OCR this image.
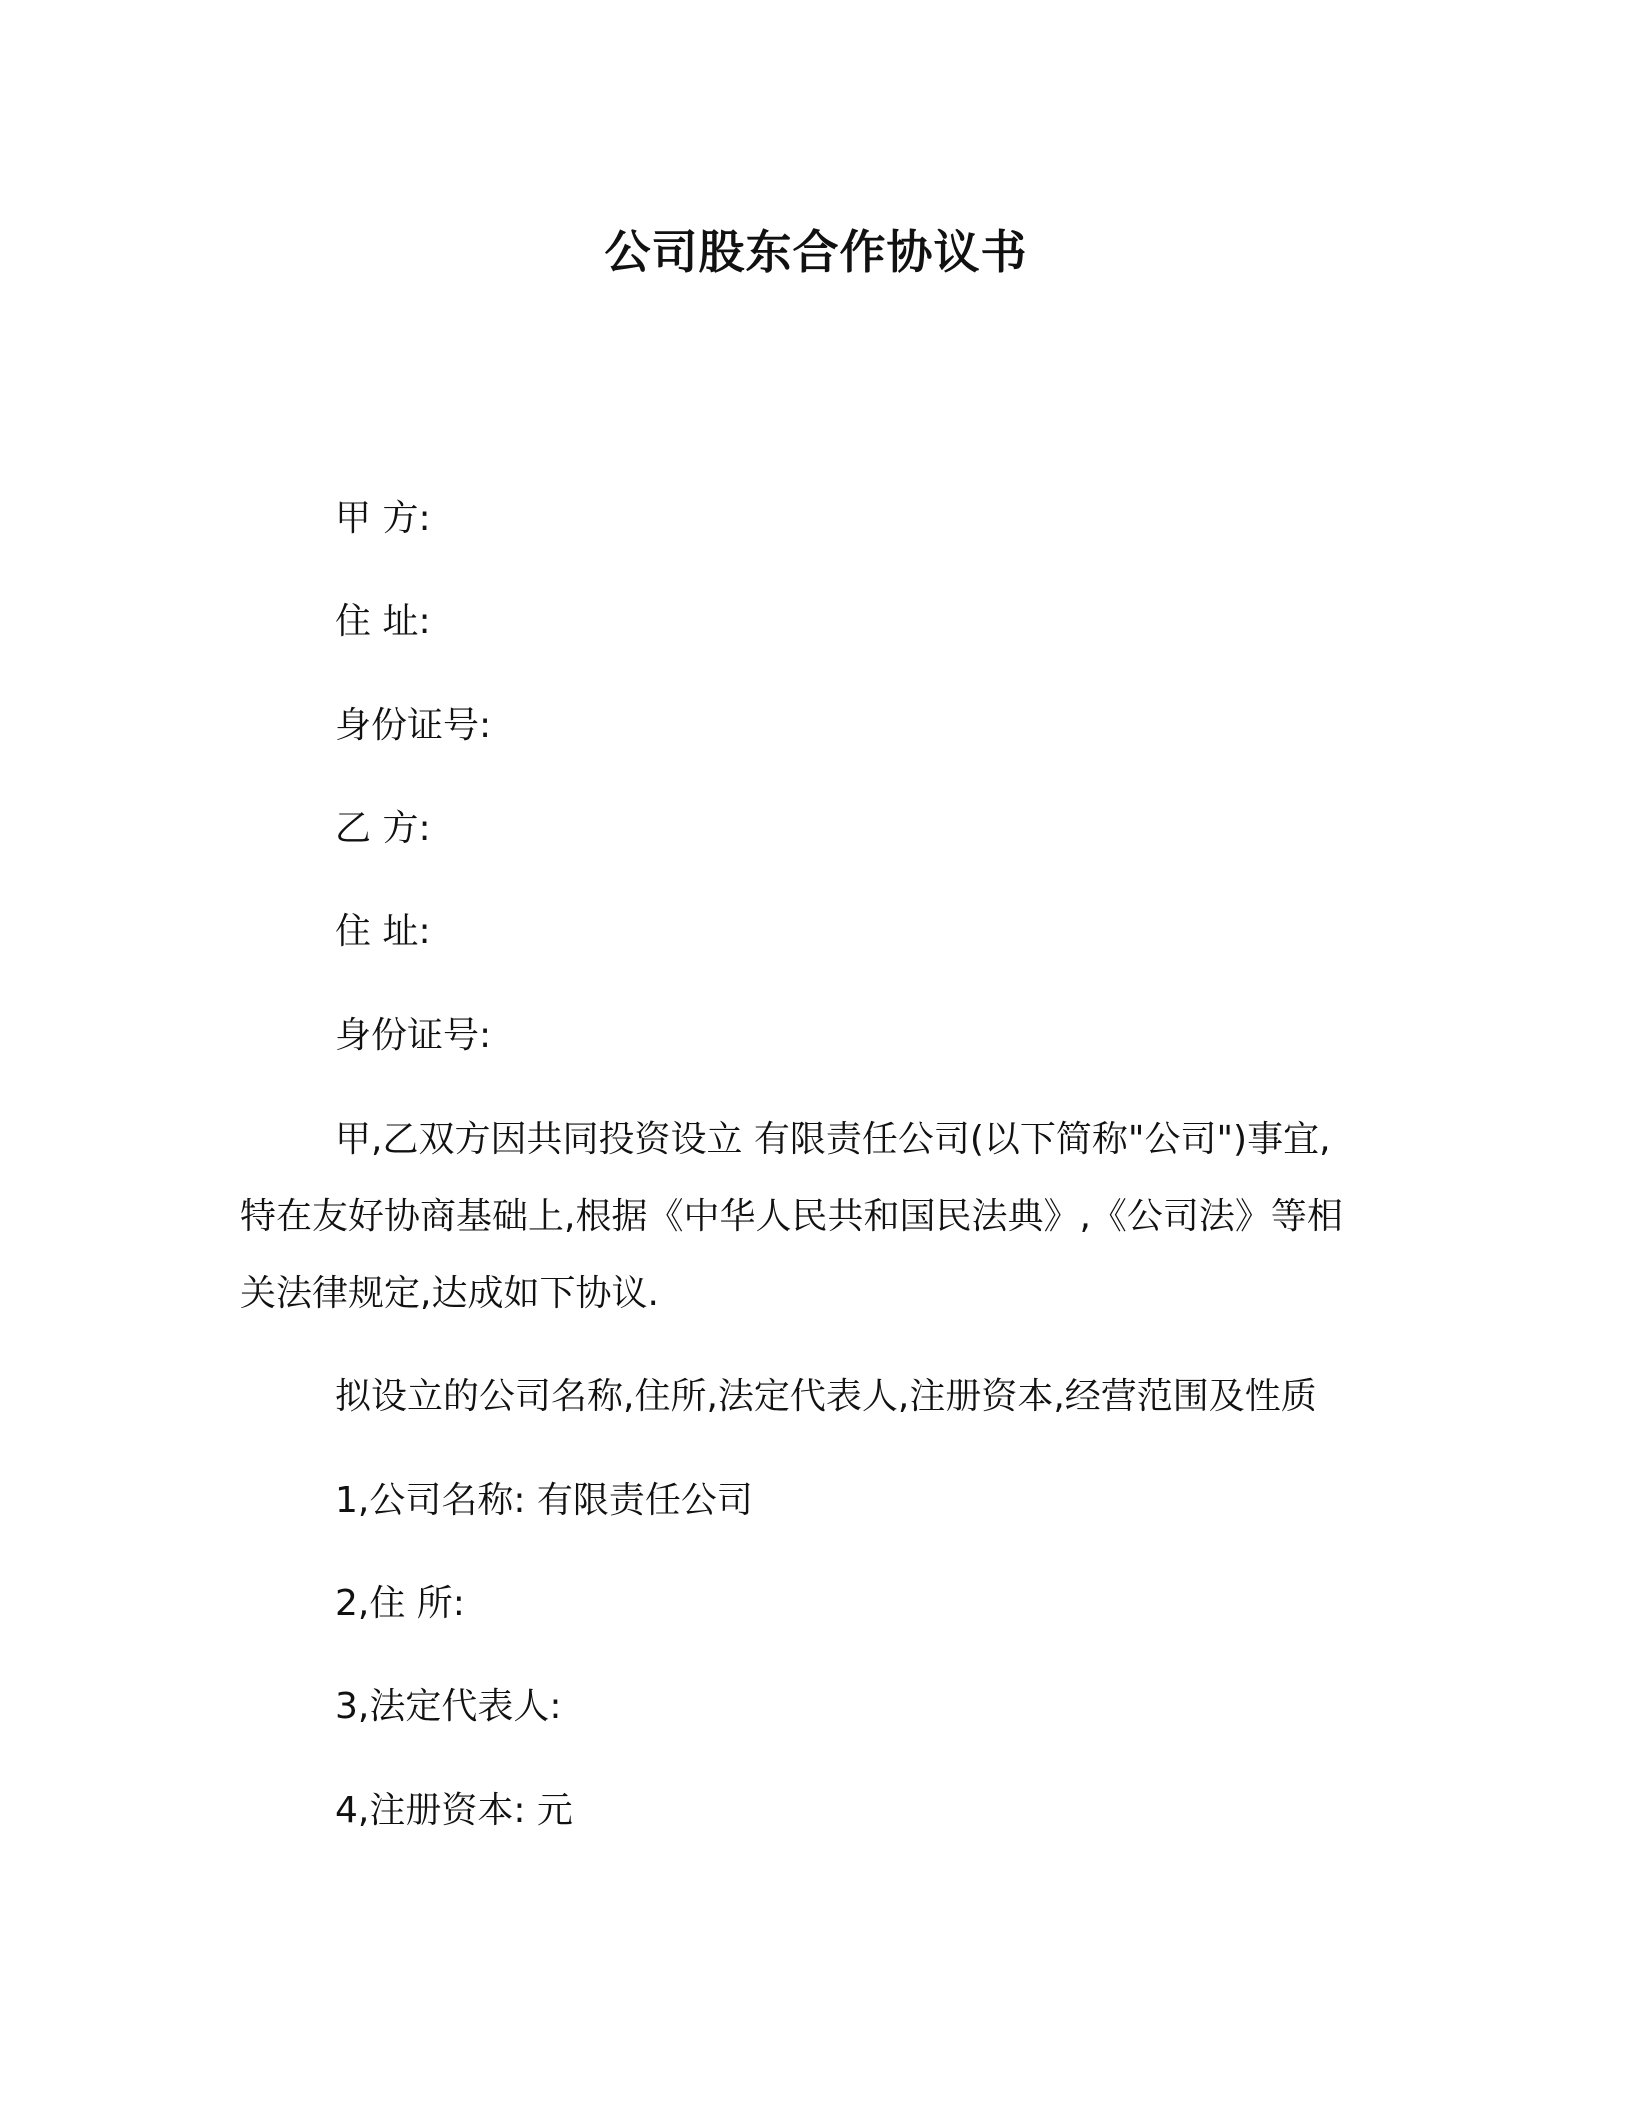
公司股东合作协议书
甲 方:
住 址:
身份证号:
乙 方:
住 址:
身份证号:
甲,乙双方因共同投资设立 有限责任公司(以下简称"公司")事宜,
特在友好协商基础上,根据《中华人民共和国民法典》,《公司法》等相
关法律规定,达成如下协议.
拟设立的公司名称,住所,法定代表人,注册资本,经营范围及性质
1,公司名称: 有限责任公司
2,住 所:
3,法定代表人:
4,注册资本: 元
